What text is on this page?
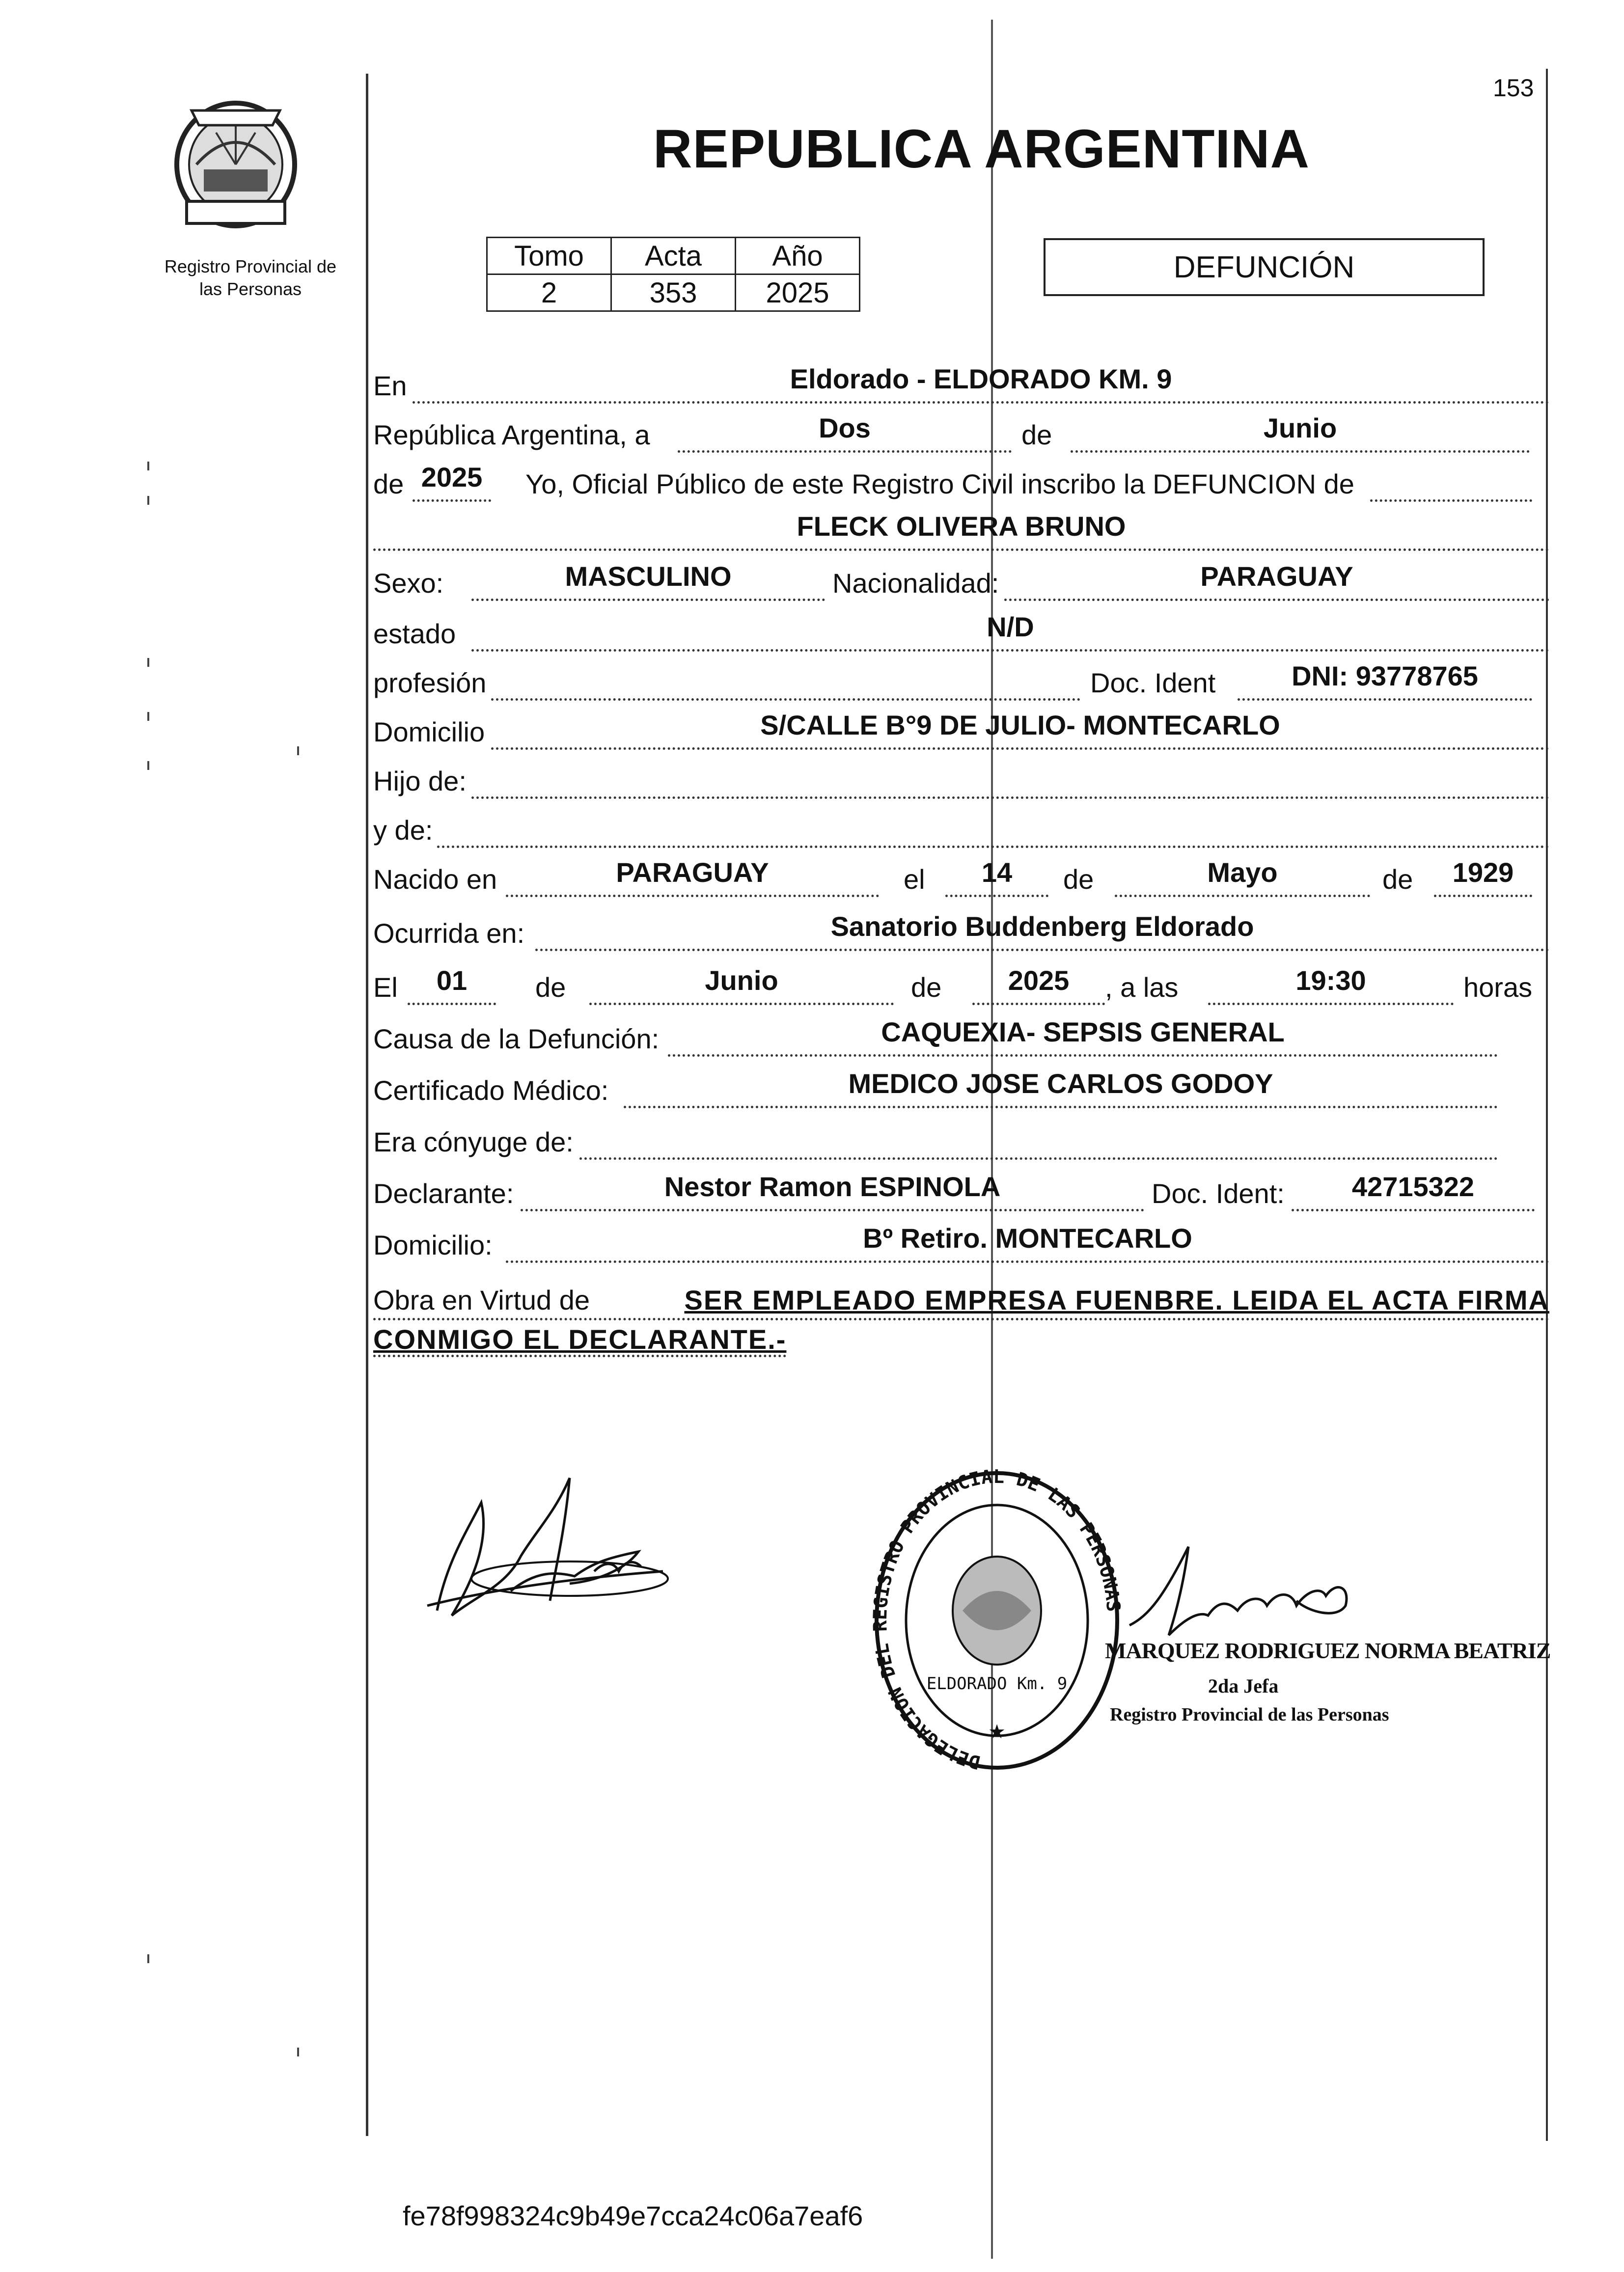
153
Registro Provincial de
las Personas
REPUBLICA ARGENTINA
Tomo	Acta	Año
2	353	2025
DEFUNCIÓN
En	Eldorado - ELDORADO KM. 9
República Argentina, a	Dos	de	Junio
de 2025	Yo, Oficial Público de este Registro Civil inscribo la DEFUNCION de
FLECK OLIVERA BRUNO
Sexo:	MASCULINO	Nacionalidad:	PARAGUAY
estado	N/D
profesión	Doc. Ident	DNI: 93778765
Domicilio	S/CALLE B°9 DE JULIO- MONTECARLO
Hijo de:
y de:
Nacido en	PARAGUAY	el	14	de	Mayo	de	1929
Ocurrida en:	Sanatorio Buddenberg Eldorado
El	01	de	Junio	de	2025	, a las	19:30	horas
Causa de la Defunción:	CAQUEXIA- SEPSIS GENERAL
Certificado Médico:	MEDICO JOSE CARLOS GODOY
Era cónyuge de:
Declarante:	Nestor Ramon ESPINOLA	Doc. Ident:	42715322
Domicilio:	Bº Retiro. MONTECARLO
Obra en Virtud de	SER EMPLEADO EMPRESA FUENBRE. LEIDA EL ACTA FIRMA
CONMIGO EL DECLARANTE.-
DELEGACION DEL REGISTRO PROVINCIAL DE LAS PERSONAS
ELDORADO Km. 9
★
MARQUEZ RODRIGUEZ NORMA BEATRIZ
2da Jefa
Registro Provincial de las Personas
fe78f998324c9b49e7cca24c06a7eaf6
